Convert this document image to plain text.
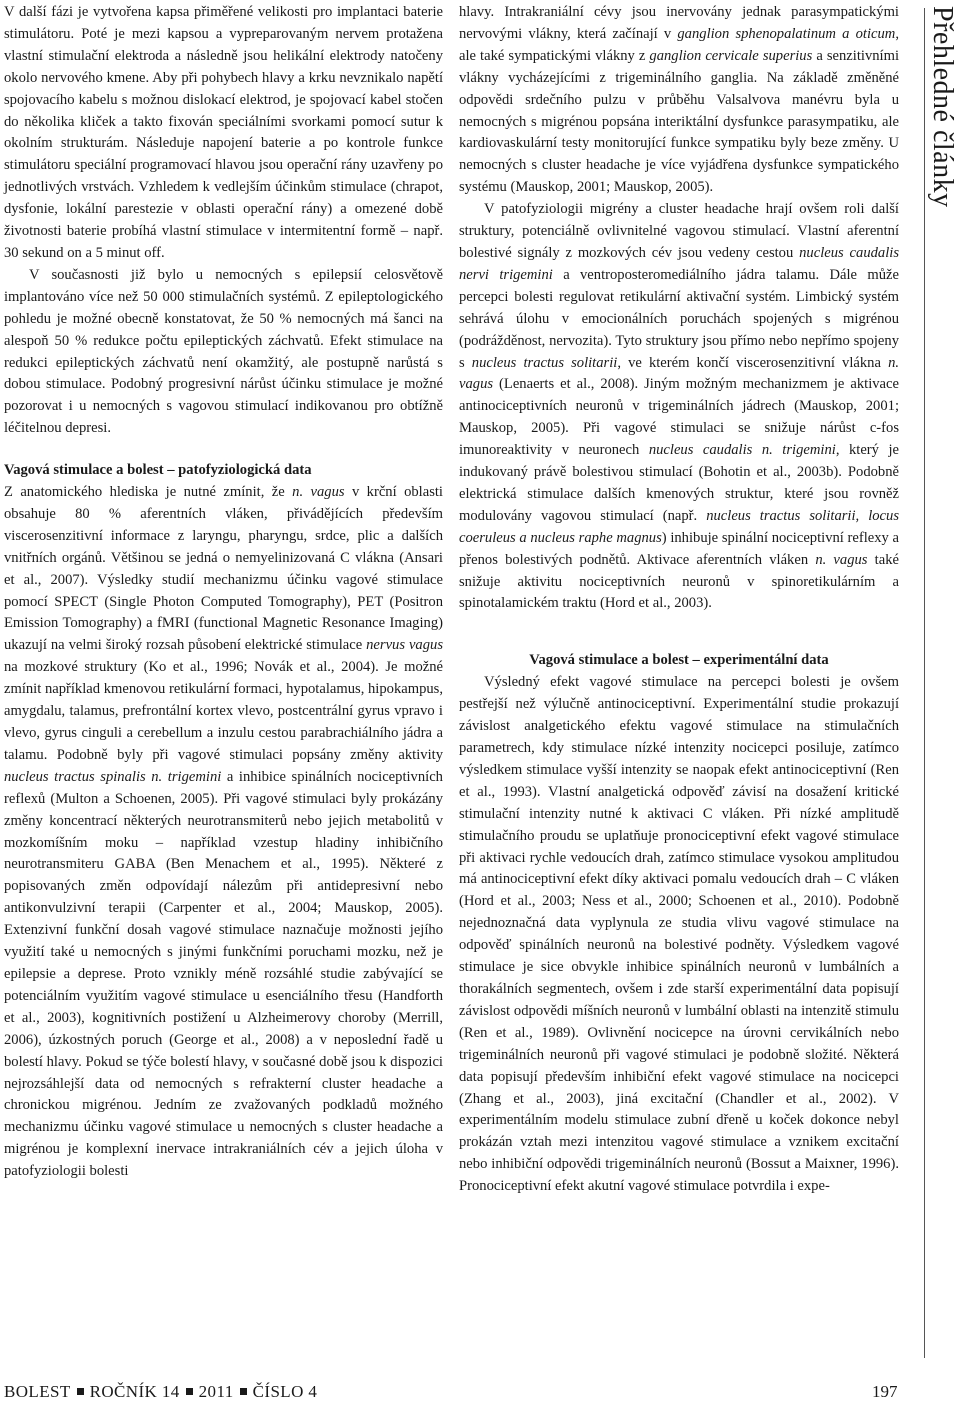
V další fázi je vytvořena kapsa přiměřené velikosti pro implantaci baterie stimulátoru. Poté je mezi kapsou a vypreparovaným nervem protažena vlastní stimulační elektroda a následně jsou helikální elektrody natočeny okolo nervového kmene. Aby při pohybech hlavy a krku nevznikalo napětí spojovacího kabelu s možnou dislokací elektrod, je spojovací kabel stočen do několika kliček a takto fixován speciálními svorkami pomocí sutur k okolním strukturám. Následuje napojení baterie a po kontrole funkce stimulátoru speciální programovací hlavou jsou operační rány uzavřeny po jednotlivých vrstvách. Vzhledem k vedlejším účinkům stimulace (chrapot, dysfonie, lokální parestezie v oblasti operační rány) a omezené době životnosti baterie probíhá vlastní stimulace v intermitentní formě – např. 30 sekund on a 5 minut off.

V současnosti již bylo u nemocných s epilepsií celosvětově implantováno více než 50 000 stimulačních systémů. Z epileptologického pohledu je možné obecně konstatovat, že 50 % nemocných má šanci na alespoň 50 % redukce počtu epileptických záchvatů. Efekt stimulace na redukci epileptických záchvatů není okamžitý, ale postupně narůstá s dobou stimulace. Podobný progresivní nárůst účinku stimulace je možné pozorovat i u nemocných s vagovou stimulací indikovanou pro obtížně léčitelnou depresi.

Vagová stimulace a bolest – patofyziologická data

Z anatomického hlediska je nutné zmínit, že n. vagus v krční oblasti obsahuje 80 % aferentních vláken, přivádějících především viscerosenzitivní informace z laryngu, pharyngu, srdce, plic a dalších vnitřních orgánů. Většinou se jedná o nemyelinizovaná C vlákna (Ansari et al., 2007). Výsledky studií mechanizmu účinku vagové stimulace pomocí SPECT (Single Photon Computed Tomography), PET (Positron Emission Tomography) a fMRI (functional Magnetic Resonance Imaging) ukazují na velmi široký rozsah působení elektrické stimulace nervus vagus na mozkové struktury (Ko et al., 1996; Novák et al., 2004). Je možné zmínit například kmenovou retikulární formaci, hypotalamus, hipokampus, amygdalu, talamus, prefrontální kortex vlevo, postcentrální gyrus vpravo i vlevo, gyrus cinguli a cerebellum a inzulu cestou parabrachiálního jádra a talamu. Podobně byly při vagové stimulaci popsány změny aktivity nucleus tractus spinalis n. trigemini a inhibice spinálních nociceptivních reflexů (Multon a Schoenen, 2005). Při vagové stimulaci byly prokázány změny koncentrací některých neurotransmiterů nebo jejich metabolitů v mozkomíšním moku – například vzestup hladiny inhibičního neurotransmiteru GABA (Ben Menachem et al., 1995). Některé z popisovaných změn odpovídají nálezům při antidepresivní nebo antikonvulzivní terapii (Carpenter et al., 2004; Mauskop, 2005). Extenzivní funkční dosah vagové stimulace naznačuje možnosti jejího využití také u nemocných s jinými funkčními poruchami mozku, než je epilepsie a deprese. Proto vznikly méně rozsáhlé studie zabývající se potenciálním využitím vagové stimulace u esenciálního třesu (Handforth et al., 2003), kognitivních postižení u Alzheimerovy choroby (Merrill, 2006), úzkostných poruch (George et al., 2008) a v neposlední řadě u bolestí hlavy. Pokud se týče bolestí hlavy, v současné době jsou k dispozici nejrozsáhlejší data od nemocných s refrakterní cluster headache a chronickou migrénou. Jedním ze zvažovaných podkladů možného mechanizmu účinku vagové stimulace u nemocných s cluster headache a migrénou je komplexní inervace intrakraniálních cév a jejich úloha v patofyziologii bolesti

hlavy. Intrakraniální cévy jsou inervovány jednak parasympatickými nervovými vlákny, která začínají v ganglion sphenopalatinum a oticum, ale také sympatickými vlákny z ganglion cervicale superius a senzitivními vlákny vycházejícími z trigeminálního ganglia. Na základě změněné odpovědi srdečního pulzu v průběhu Valsalvova manévru byla u nemocných s migrénou popsána interiktální dysfunkce parasympatiku, ale kardiovaskulární testy monitorující funkce sympatiku byly beze změny. U nemocných s cluster headache je více vyjádřena dysfunkce sympatického systému (Mauskop, 2001; Mauskop, 2005).

V patofyziologii migrény a cluster headache hrají ovšem roli další struktury, potenciálně ovlivnitelné vagovou stimulací. Vlastní aferentní bolestivé signály z mozkových cév jsou vedeny cestou nucleus caudalis nervi trigemini a ventroposteromediálního jádra talamu. Dále může percepci bolesti regulovat retikulární aktivační systém. Limbický systém sehrává úlohu v emocionálních poruchách spojených s migrénou (podrážděnost, nervozita). Tyto struktury jsou přímo nebo nepřímo spojeny s nucleus tractus solitarii, ve kterém končí viscerosenzitivní vlákna n. vagus (Lenaerts et al., 2008). Jiným možným mechanizmem je aktivace antinociceptivních neuronů v trigeminálních jádrech (Mauskop, 2001; Mauskop, 2005). Při vagové stimulaci se snižuje nárůst c-fos imunoreaktivity v neuronech nucleus caudalis n. trigemini, který je indukovaný právě bolestivou stimulací (Bohotin et al., 2003b). Podobně elektrická stimulace dalších kmenových struktur, které jsou rovněž modulovány vagovou stimulací (např. nucleus tractus solitarii, locus coeruleus a nucleus raphe magnus) inhibuje spinální nociceptivní reflexy a přenos bolestivých podnětů. Aktivace aferentních vláken n. vagus také snižuje aktivitu nociceptivních neuronů v spinoretikulárním a spinotalamickém traktu (Hord et al., 2003).

Vagová stimulace a bolest – experimentální data

Výsledný efekt vagové stimulace na percepci bolesti je ovšem pestřejší než výlučně antinociceptivní. Experimentální studie prokazují závislost analgetického efektu vagové stimulace na stimulačních parametrech, kdy stimulace nízké intenzity nocicepci posiluje, zatímco výsledkem stimulace vyšší intenzity se naopak efekt antinociceptivní (Ren et al., 1993). Vlastní analgetická odpověď závisí na dosažení kritické stimulační intenzity nutné k aktivaci C vláken. Při nízké amplitudě stimulačního proudu se uplatňuje pronociceptivní efekt vagové stimulace při aktivaci rychle vedoucích drah, zatímco stimulace vysokou amplitudou má antinociceptivní efekt díky aktivaci pomalu vedoucích drah – C vláken (Hord et al., 2003; Ness et al., 2000; Schoenen et al., 2010). Podobně nejednoznačná data vyplynula ze studia vlivu vagové stimulace na odpověď spinálních neuronů na bolestivé podněty. Výsledkem vagové stimulace je sice obvykle inhibice spinálních neuronů v lumbálních a thorakálních segmentech, ovšem i zde starší experimentální data popisují závislost odpovědi míšních neuronů v lumbální oblasti na intenzitě stimulu (Ren et al., 1989). Ovlivnění nocicepce na úrovni cervikálních nebo trigeminálních neuronů při vagové stimulaci je podobně složité. Některá data popisují především inhibiční efekt vagové stimulace na nocicepci (Zhang et al., 2003), jiná excitační (Chandler et al., 2002). V experimentálním modelu stimulace zubní dřeně u koček dokonce nebyl prokázán vztah mezi intenzitou vagové stimulace a vznikem excitační nebo inhibiční odpovědi trigeminálních neuronů (Bossut a Maixner, 1996). Pronociceptivní efekt akutní vagové stimulace potvrdila i expe-

Přehledné články
BOLEST ROČNÍK 14 2011 ČÍSLO 4	197
